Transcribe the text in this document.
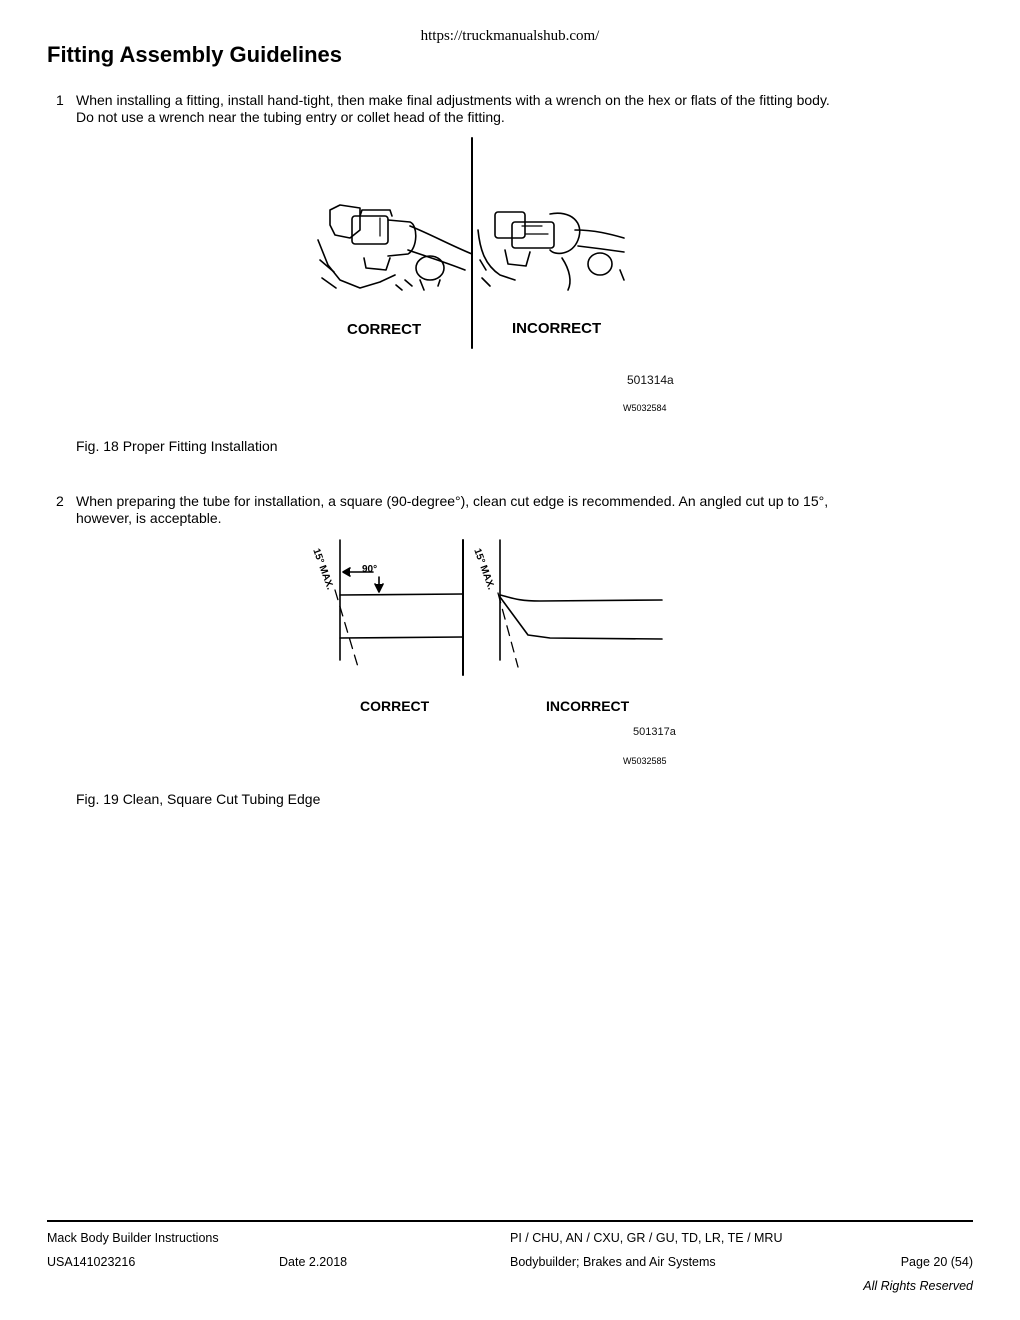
https://truckmanualshub.com/
Fitting Assembly Guidelines
1 When installing a fitting, install hand-tight, then make final adjustments with a wrench on the hex or flats of the fitting body.
Do not use a wrench near the tubing entry or collet head of the fitting.
CORRECT	INCORRECT
501314a
W5032584
Fig. 18 Proper Fitting Installation
2 When preparing the tube for installation, a square (90-degree°), clean cut edge is recommended. An angled cut up to 15°,
however, is acceptable.
15° MAX.	90°	15° MAX.
CORRECT	INCORRECT
501317a
W5032585
Fig. 19 Clean, Square Cut Tubing Edge
Mack Body Builder Instructions	PI / CHU, AN / CXU, GR / GU, TD, LR, TE / MRU
USA141023216	Date 2.2018	Bodybuilder; Brakes and Air Systems	Page 20 (54)
All Rights Reserved
